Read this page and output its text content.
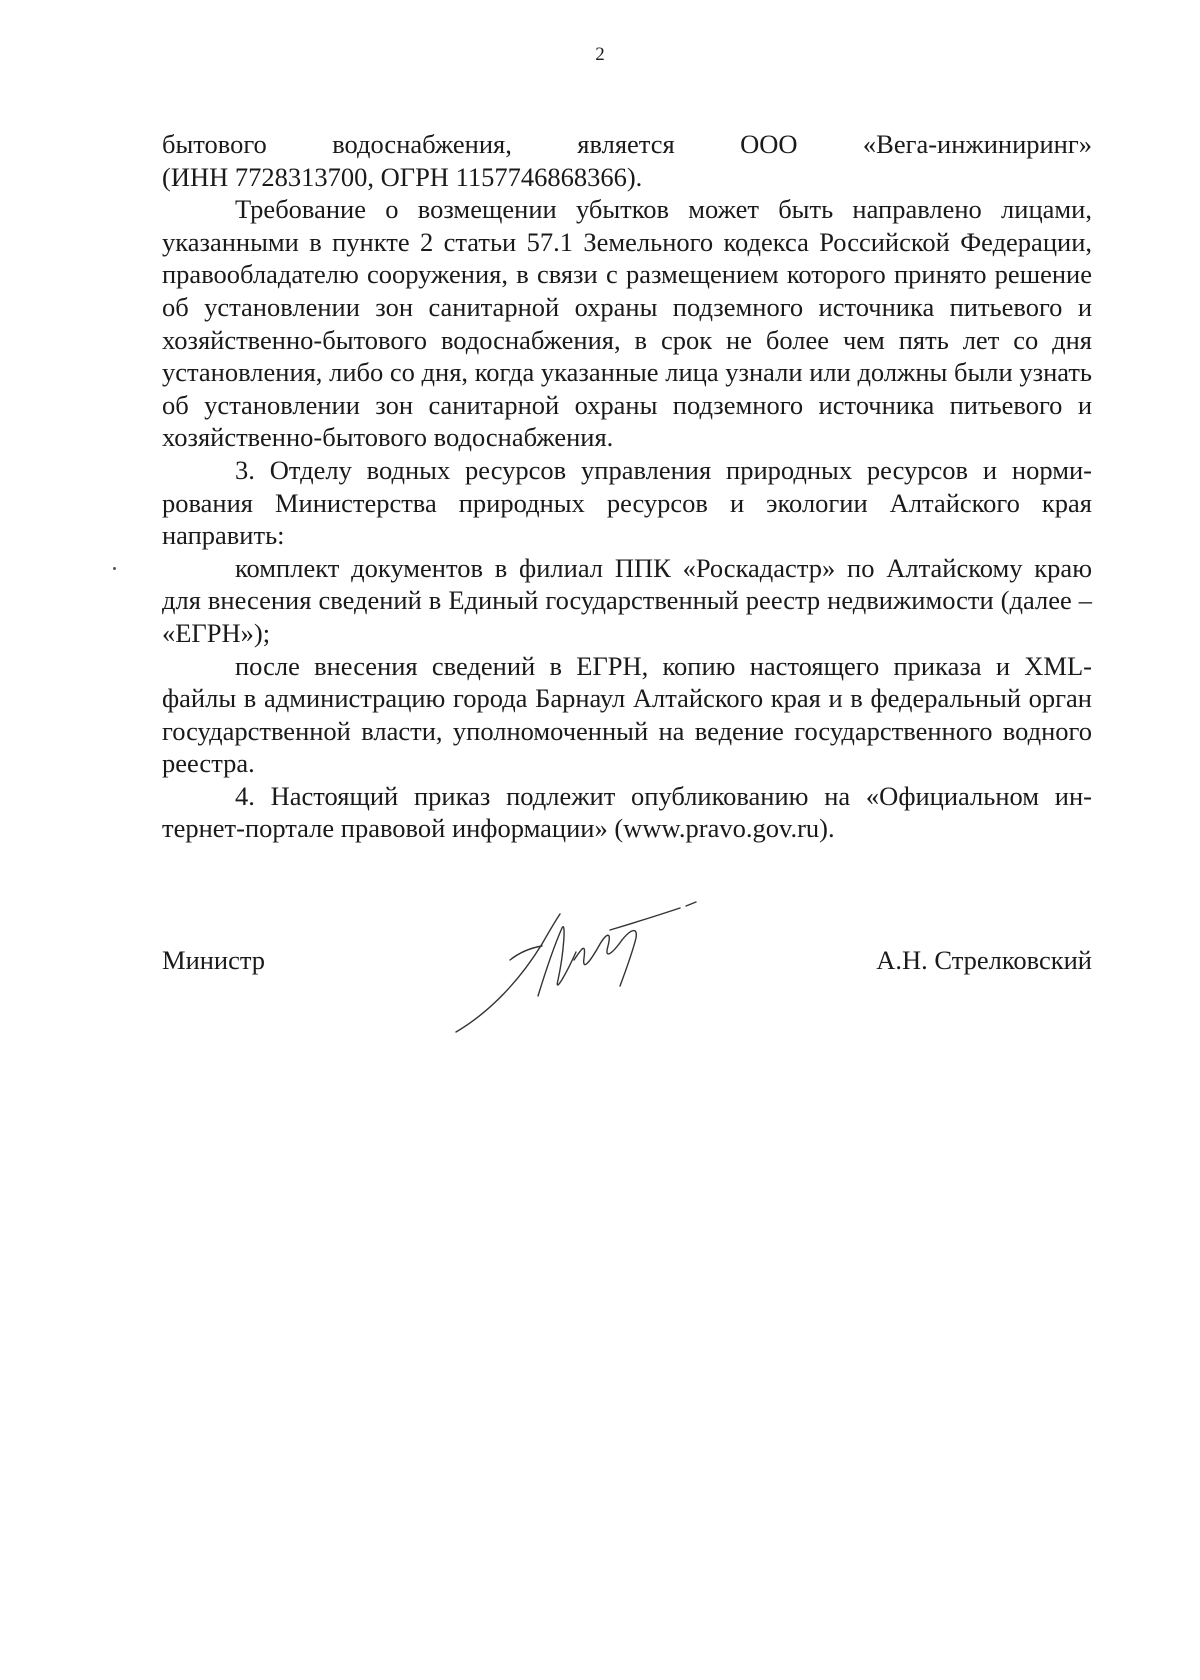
2
бытового водоснабжения, является ООО «Вега-инжиниринг»

(ИНН 7728313700, ОГРН 1157746868366).

Требование о возмещении убытков может быть направлено лицами, указанными в пункте 2 статьи 57.1 Земельного кодекса Российской Федерации, правообладателю сооружения, в связи с размещением которого принято решение об установлении зон санитарной охраны подземного источника питьевого и хозяйственно-бытового водоснабжения, в срок не более чем пять лет со дня установления, либо со дня, когда указанные лица узнали или должны были узнать об установлении зон санитарной охраны подземного источника питьевого и хозяйственно-бытового водоснабжения.

3. Отделу водных ресурсов управления природных ресурсов и нормирования Министерства природных ресурсов и экологии Алтайского края направить:

комплект документов в филиал ППК «Роскадастр» по Алтайскому краю для внесения сведений в Единый государственный реестр недвижимости (далее – «ЕГРН»);

после внесения сведений в ЕГРН, копию настоящего приказа и XML-файлы в администрацию города Барнаул Алтайского края и в федеральный орган государственной власти, уполномоченный на ведение государственного водного реестра.

4. Настоящий приказ подлежит опубликованию на «Официальном интернет-портале правовой информации» (www.pravo.gov.ru).

Министр	А.Н. Стрелковский
